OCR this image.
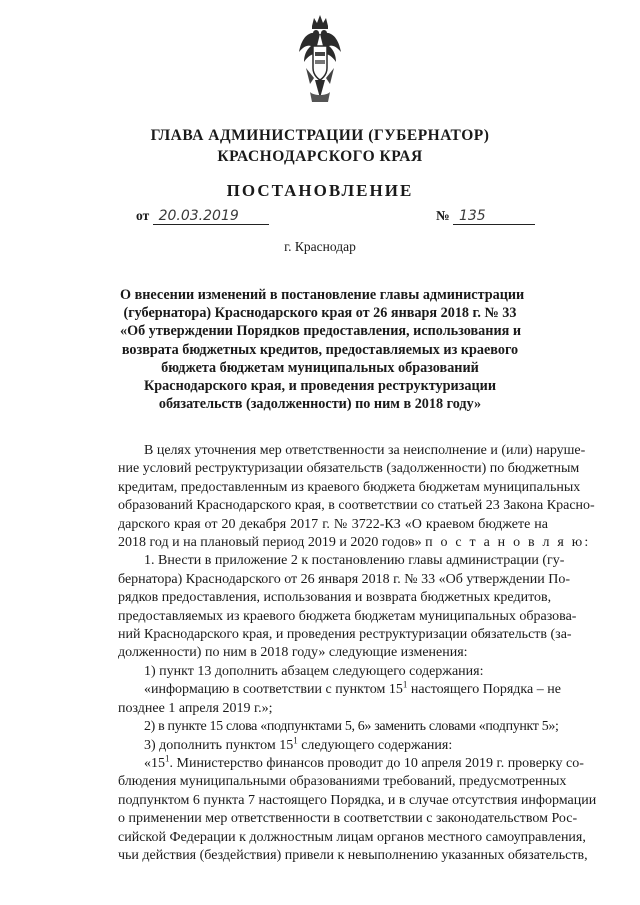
ГЛАВА АДМИНИСТРАЦИИ (ГУБЕРНАТОР)
КРАСНОДАРСКОГО КРАЯ
ПОСТАНОВЛЕНИЕ
от 20.03.2019	№ 135
г. Краснодар
О внесении изменений в постановление главы администрации
(губернатора) Краснодарского края от 26 января 2018 г. № 33
«Об утверждении Порядков предоставления, использования и
возврата бюджетных кредитов, предоставляемых из краевого
бюджета бюджетам муниципальных образований
Краснодарского края, и проведения реструктуризации
обязательств (задолженности) по ним в 2018 году»
В целях уточнения мер ответственности за неисполнение и (или) наруше-
ние условий реструктуризации обязательств (задолженности) по бюджетным
кредитам, предоставленным из краевого бюджета бюджетам муниципальных
образований Краснодарского края, в соответствии со статьей 23 Закона Красно-
дарского края от 20 декабря 2017 г. № 3722-КЗ «О краевом бюджете на
2018 год и на плановый период 2019 и 2020 годов» п о с т а н о в л я ю:
1. Внести в приложение 2 к постановлению главы администрации (гу-
бернатора) Краснодарского от 26 января 2018 г. № 33 «Об утверждении По-
рядков предоставления, использования и возврата бюджетных кредитов,
предоставляемых из краевого бюджета бюджетам муниципальных образова-
ний Краснодарского края, и проведения реструктуризации обязательств (за-
долженности) по ним в 2018 году» следующие изменения:
1) пункт 13 дополнить абзацем следующего содержания:
«информацию в соответствии с пунктом $15^1$ настоящего Порядка – не
позднее 1 апреля 2019 г.»;
2) в пункте 15 слова «подпунктами 5, 6» заменить словами «подпункт 5»;
3) дополнить пунктом $15^1$ следующего содержания:
«$15^1$. Министерство финансов проводит до 10 апреля 2019 г. проверку со-
блюдения муниципальными образованиями требований, предусмотренных
подпунктом 6 пункта 7 настоящего Порядка, и в случае отсутствия информации
о применении мер ответственности в соответствии с законодательством Рос-
сийской Федерации к должностным лицам органов местного самоуправления,
чьи действия (бездействия) привели к невыполнению указанных обязательств,
